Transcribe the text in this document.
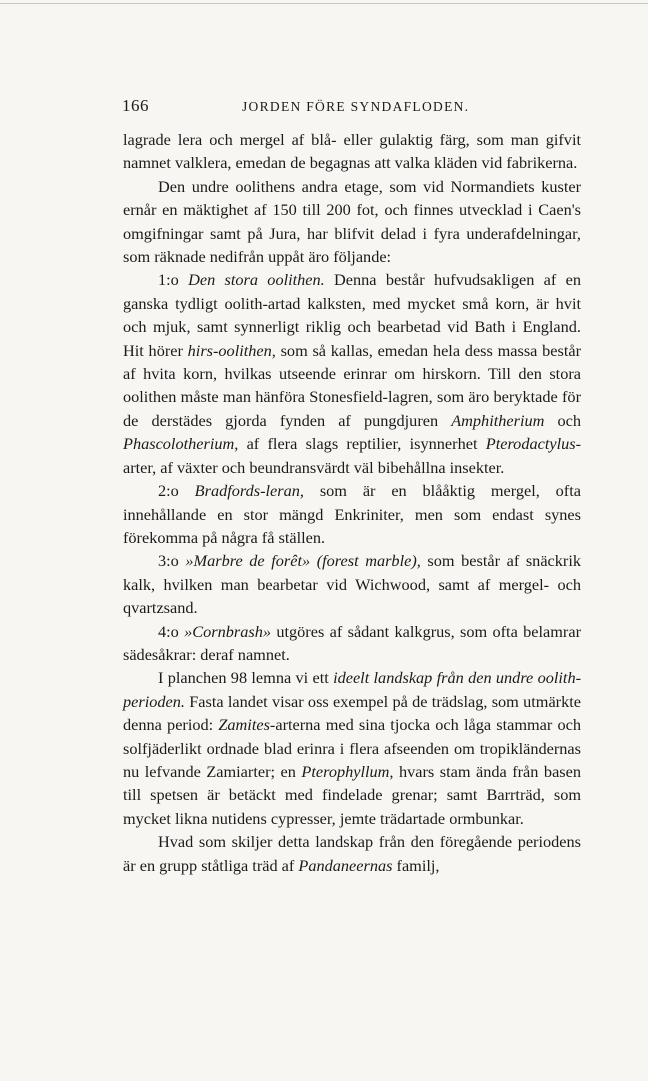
166	JORDEN FÖRE SYNDAFLODEN.

lagrade lera och mergel af blå- eller gulaktig färg, som man gifvit namnet valklera, emedan de begagnas att valka kläden vid fabrikerna.

Den undre oolithens andra etage, som vid Normandiets kuster ernår en mäktighet af 150 till 200 fot, och finnes utvecklad i Caen's omgifningar samt på Jura, har blifvit delad i fyra underafdelningar, som räknade nedifrån uppåt äro följande:

1:o Den stora oolithen. Denna består hufvudsakligen af en ganska tydligt oolith-artad kalksten, med mycket små korn, är hvit och mjuk, samt synnerligt riklig och bearbetad vid Bath i England. Hit hörer hirs-oolithen, som så kallas, emedan hela dess massa består af hvita korn, hvilkas utseende erinrar om hirskorn. Till den stora oolithen måste man hänföra Stonesfield-lagren, som äro beryktade för de derstädes gjorda fynden af pungdjuren Amphitherium och Phascolotherium, af flera slags reptilier, isynnerhet Pterodactylus-arter, af växter och beundransvärdt väl bibehållna insekter.

2:o Bradfords-leran, som är en blååktig mergel, ofta innehållande en stor mängd Enkriniter, men som endast synes förekomma på några få ställen.

3:o »Marbre de forêt» (forest marble), som består af snäckrik kalk, hvilken man bearbetar vid Wichwood, samt af mergel- och qvartzsand.

4:o »Cornbrash» utgöres af sådant kalkgrus, som ofta belamrar sädesåkrar: deraf namnet.

I planchen 98 lemna vi ett ideelt landskap från den undre oolith-perioden. Fasta landet visar oss exempel på de trädslag, som utmärkte denna period: Zamites-arterna med sina tjocka och låga stammar och solfjäderlikt ordnade blad erinra i flera afseenden om tropikländernas nu lefvande Zamiarter; en Pterophyllum, hvars stam ända från basen till spetsen är betäckt med findelade grenar; samt Barrträd, som mycket likna nutidens cypresser, jemte trädartade ormbunkar.

Hvad som skiljer detta landskap från den föregående periodens är en grupp ståtliga träd af Pandaneernas familj,
